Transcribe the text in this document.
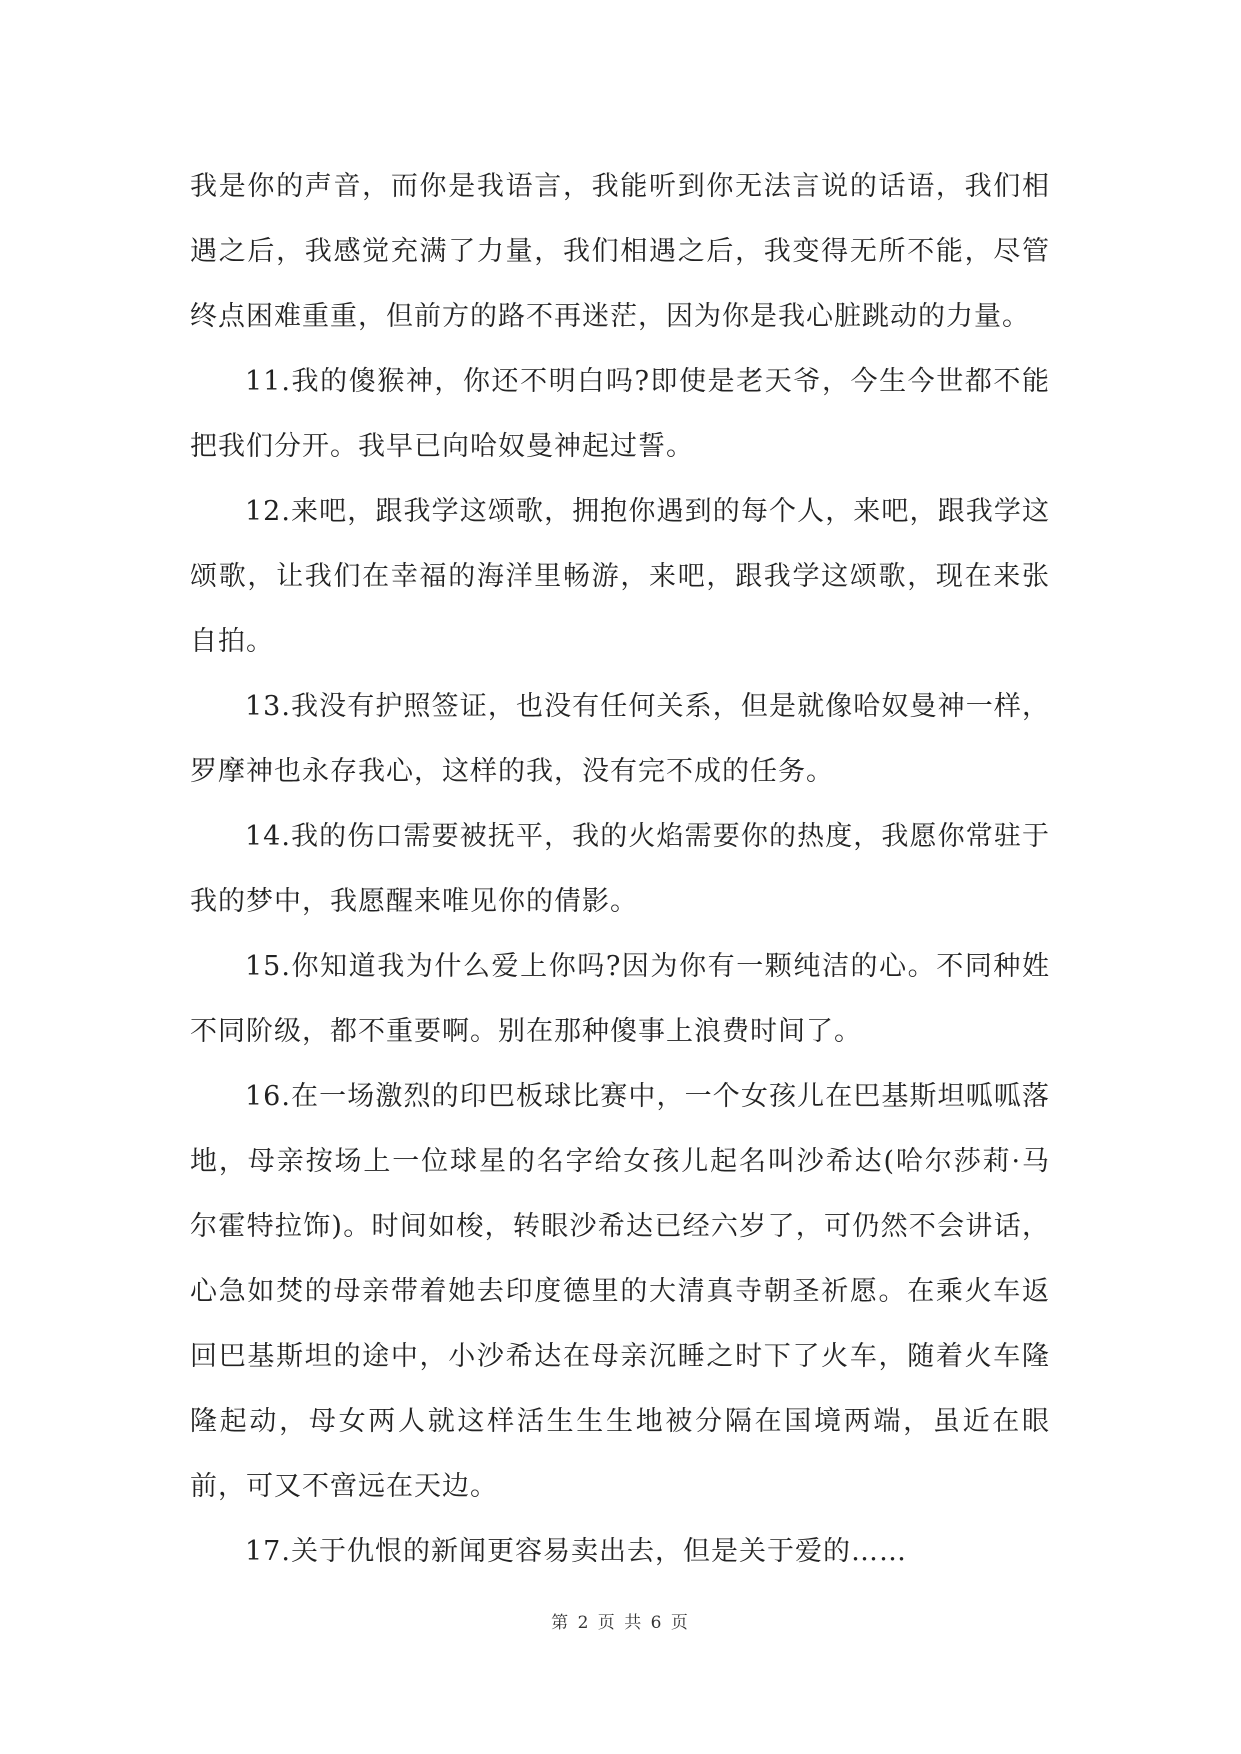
我是你的声音，而你是我语言，我能听到你无法言说的话语，我们相遇之后，我感觉充满了力量，我们相遇之后，我变得无所不能，尽管终点困难重重，但前方的路不再迷茫，因为你是我心脏跳动的力量。

11.我的傻猴神，你还不明白吗?即使是老天爷，今生今世都不能把我们分开。我早已向哈奴曼神起过誓。

12.来吧，跟我学这颂歌，拥抱你遇到的每个人，来吧，跟我学这颂歌，让我们在幸福的海洋里畅游，来吧，跟我学这颂歌，现在来张自拍。

13.我没有护照签证，也没有任何关系，但是就像哈奴曼神一样，罗摩神也永存我心，这样的我，没有完不成的任务。

14.我的伤口需要被抚平，我的火焰需要你的热度，我愿你常驻于我的梦中，我愿醒来唯见你的倩影。

15.你知道我为什么爱上你吗?因为你有一颗纯洁的心。不同种姓不同阶级，都不重要啊。别在那种傻事上浪费时间了。

16.在一场激烈的印巴板球比赛中，一个女孩儿在巴基斯坦呱呱落地，母亲按场上一位球星的名字给女孩儿起名叫沙希达(哈尔莎莉·马尔霍特拉饰)。时间如梭，转眼沙希达已经六岁了，可仍然不会讲话，心急如焚的母亲带着她去印度德里的大清真寺朝圣祈愿。在乘火车返回巴基斯坦的途中，小沙希达在母亲沉睡之时下了火车，随着火车隆隆起动，母女两人就这样活生生生地被分隔在国境两端，虽近在眼前，可又不啻远在天边。

17.关于仇恨的新闻更容易卖出去，但是关于爱的……

第 2 页 共 6 页
